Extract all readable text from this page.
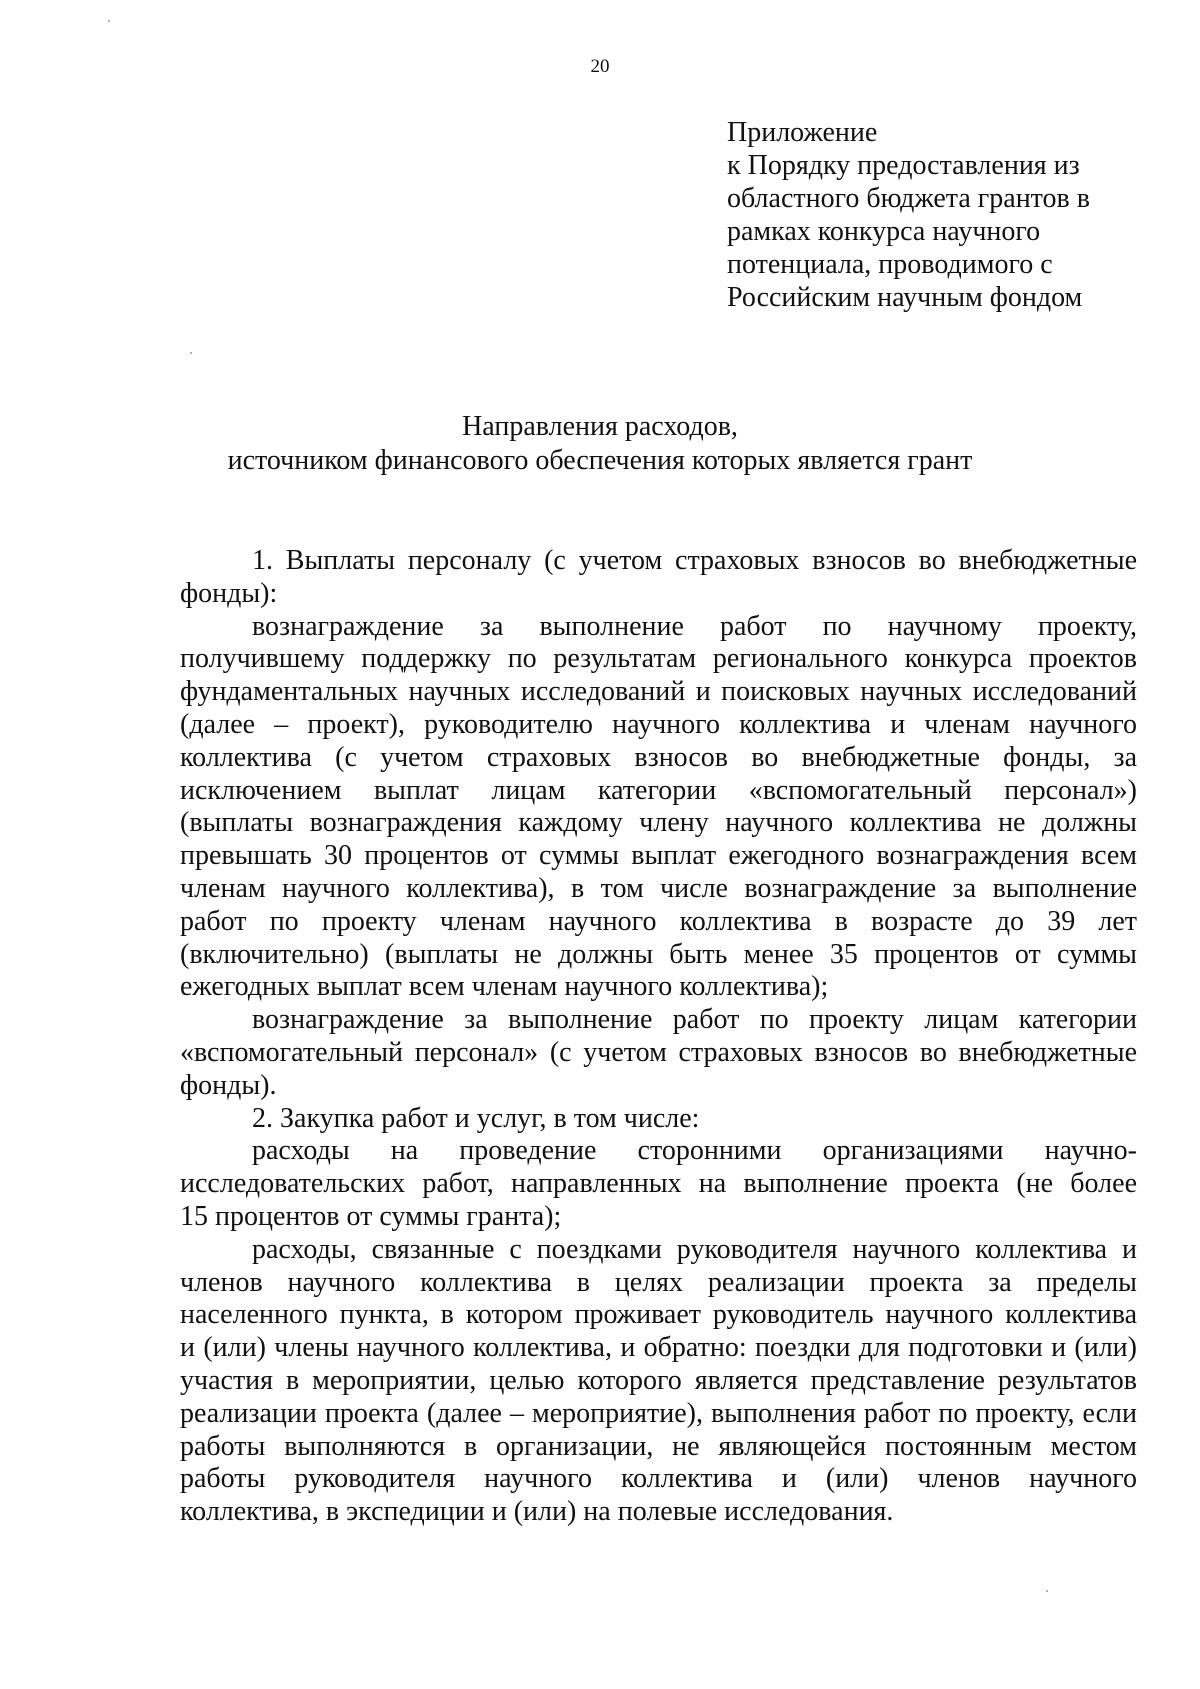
20
Приложение
к Порядку предоставления из
областного бюджета грантов в
рамках конкурса научного
потенциала, проводимого с
Российским научным фондом
Направления расходов,
источником финансового обеспечения которых является грант
1. Выплаты персоналу (с учетом страховых взносов во внебюджетные
фонды):
вознаграждение за выполнение работ по научному проекту,
получившему поддержку по результатам регионального конкурса проектов
фундаментальных научных исследований и поисковых научных исследований
(далее – проект), руководителю научного коллектива и членам научного
коллектива (с учетом страховых взносов во внебюджетные фонды, за
исключением выплат лицам категории «вспомогательный персонал»)
(выплаты вознаграждения каждому члену научного коллектива не должны
превышать 30 процентов от суммы выплат ежегодного вознаграждения всем
членам научного коллектива), в том числе вознаграждение за выполнение
работ по проекту членам научного коллектива в возрасте до 39 лет
(включительно) (выплаты не должны быть менее 35 процентов от суммы
ежегодных выплат всем членам научного коллектива);
вознаграждение за выполнение работ по проекту лицам категории
«вспомогательный персонал» (с учетом страховых взносов во внебюджетные
фонды).
2. Закупка работ и услуг, в том числе:
расходы на проведение сторонними организациями научно-
исследовательских работ, направленных на выполнение проекта (не более
15 процентов от суммы гранта);
расходы, связанные с поездками руководителя научного коллектива и
членов научного коллектива в целях реализации проекта за пределы
населенного пункта, в котором проживает руководитель научного коллектива
и (или) члены научного коллектива, и обратно: поездки для подготовки и (или)
участия в мероприятии, целью которого является представление результатов
реализации проекта (далее – мероприятие), выполнения работ по проекту, если
работы выполняются в организации, не являющейся постоянным местом
работы руководителя научного коллектива и (или) членов научного
коллектива, в экспедиции и (или) на полевые исследования.
